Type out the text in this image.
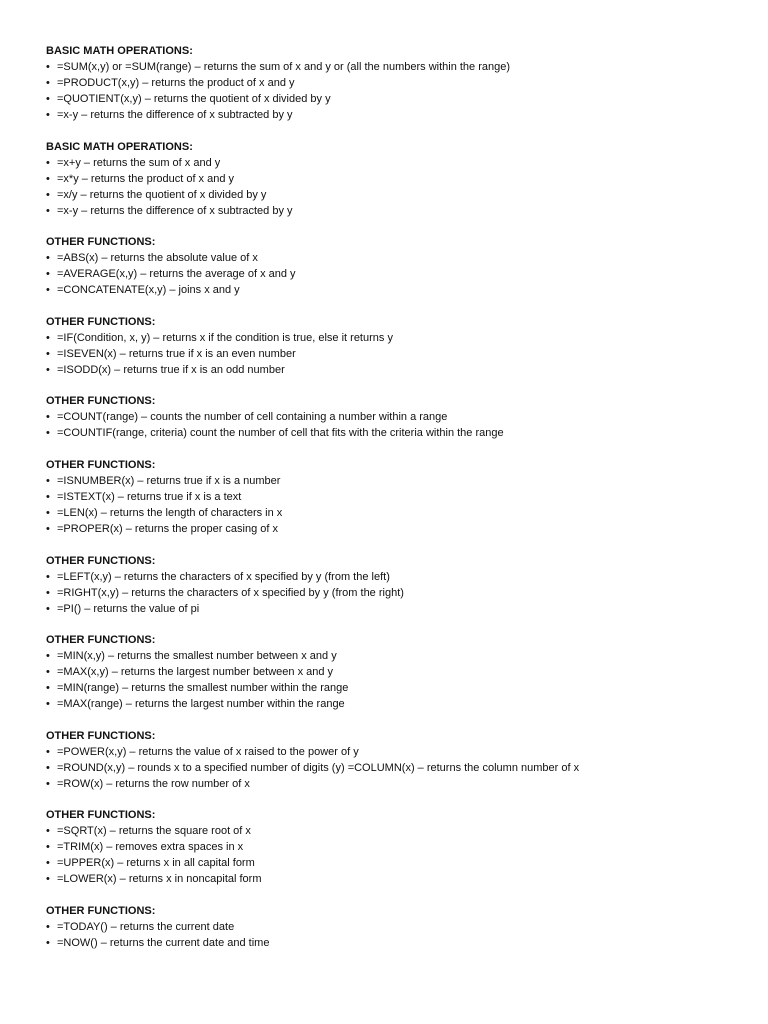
BASIC MATH OPERATIONS:
• =SUM(x,y) or =SUM(range) – returns the sum of x and y or (all the numbers within the range)
• =PRODUCT(x,y) – returns the product of x and y
• =QUOTIENT(x,y) – returns the quotient of x divided by y
• =x-y – returns the difference of x subtracted by y
BASIC MATH OPERATIONS:
• =x+y – returns the sum of x and y
• =x*y – returns the product of x and y
• =x/y – returns the quotient of x divided by y
• =x-y – returns the difference of x subtracted by y
OTHER FUNCTIONS:
• =ABS(x) – returns the absolute value of x
• =AVERAGE(x,y) – returns the average of x and y
• =CONCATENATE(x,y) – joins x and y
OTHER FUNCTIONS:
• =IF(Condition, x, y) – returns x if the condition is true, else it returns y
• =ISEVEN(x) – returns true if x is an even number
• =ISODD(x) – returns true if x is an odd number
OTHER FUNCTIONS:
• =COUNT(range) – counts the number of cell containing a number within a range
• =COUNTIF(range, criteria) count the number of cell that fits with the criteria within the range
OTHER FUNCTIONS:
• =ISNUMBER(x) – returns true if x is a number
• =ISTEXT(x) – returns true if x is a text
• =LEN(x) – returns the length of characters in x
• =PROPER(x) – returns the proper casing of x
OTHER FUNCTIONS:
• =LEFT(x,y) – returns the characters of x specified by y (from the left)
• =RIGHT(x,y) – returns the characters of x specified by y (from the right)
• =PI() – returns the value of pi
OTHER FUNCTIONS:
• =MIN(x,y) – returns the smallest number between x and y
• =MAX(x,y) – returns the largest number between x and y
• =MIN(range) – returns the smallest number within the range
• =MAX(range) – returns the largest number within the range
OTHER FUNCTIONS:
• =POWER(x,y) – returns the value of x raised to the power of y
• =ROUND(x,y) – rounds x to a specified number of digits (y) =COLUMN(x) – returns the column number of x
• =ROW(x) – returns the row number of x
OTHER FUNCTIONS:
• =SQRT(x) – returns the square root of x
• =TRIM(x) – removes extra spaces in x
• =UPPER(x) – returns x in all capital form
• =LOWER(x) – returns x in noncapital form
OTHER FUNCTIONS:
• =TODAY() – returns the current date
• =NOW() – returns the current date and time
